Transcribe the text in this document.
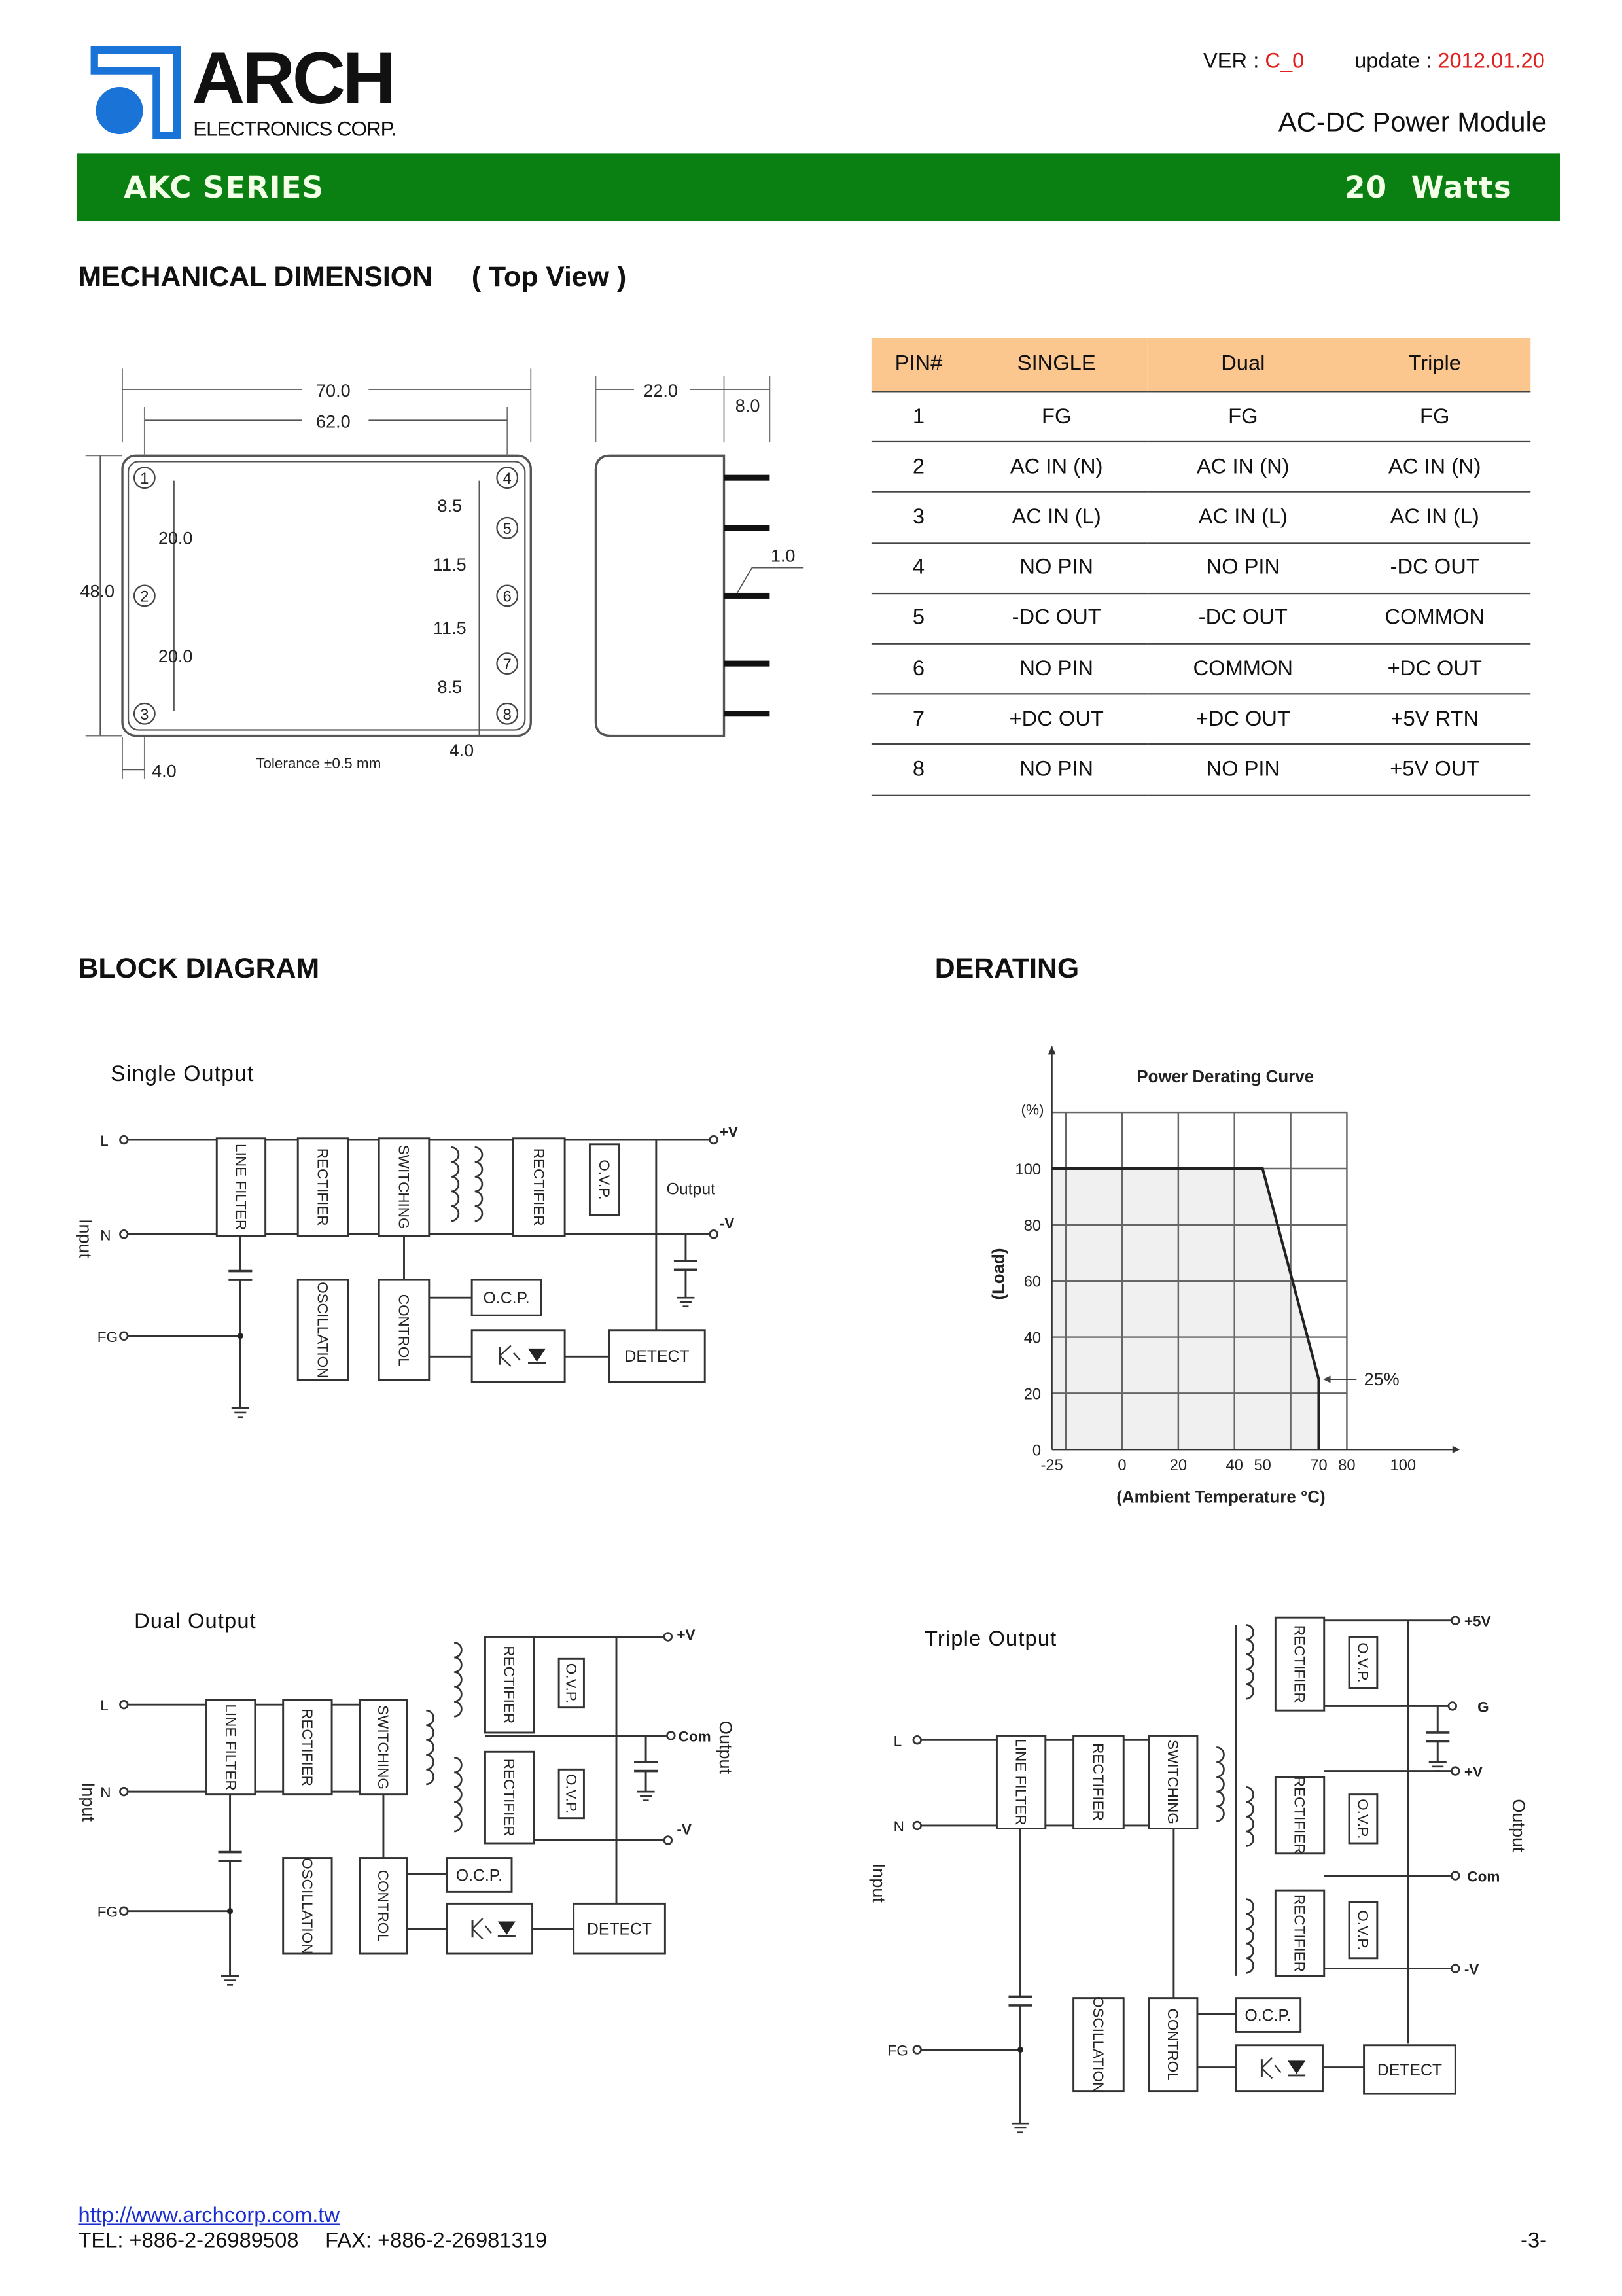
ARCH
ELECTRONICS CORP.
VER : C_0	update : 2012.01.20
AC-DC Power Module
AKC SERIES	20 Watts
MECHANICAL DIMENSION	( Top View )
PIN#	SINGLE	Dual	Triple
1	FG	FG	FG
2	AC IN (N)	AC IN (N)	AC IN (N)
3	AC IN (L)	AC IN (L)	AC IN (L)
4	NO PIN	NO PIN	-DC OUT
5	-DC OUT	-DC OUT	COMMON
6	NO PIN	COMMON	+DC OUT
7	+DC OUT	+DC OUT	+5V RTN
8	NO PIN	NO PIN	+5V OUT
BLOCK DIAGRAM	DERATING
Single Output
Dual Output
Triple Output
1
2
3
4
5
6
7
8
70.0
62.0
48.0
20.0
20.0
8.5
11.5
11.5
8.5
4.0
4.0	Tolerance ±0.5 mm
22.0
8.0
1.0
L
N
FG
Input
+V
-V
Output
LINE FILTER	RECTIFIER	SWITCHING	RECTIFIER	O.V.P.
OSCILLATION	CONTROL	O.C.P.
DETECT
L
N
FG
Input
Output
+V
Com
-V
LINE FILTER	RECTIFIER	SWITCHING
RECTIFIER
RECTIFIER
O.V.P.
O.V.P.
OSCILLATION	CONTROL	O.C.P.
DETECT
L
N
FG
Input
Output
+5V
G
+V
Com
-V
LINE FILTER	RECTIFIER	SWITCHING
RECTIFIER
RECTIFIER
RECTIFIER
O.V.P.
O.V.P.
O.V.P.
OSCILLATION	CONTROL	O.C.P.
DETECT
-25	0	20	40 50	70 80	100
0
20
40
60
80
100
(%)
Power Derating Curve
(Ambient Temperature °C)
(Load)
25%
http://www.archcorp.com.tw
TEL: +886-2-26989508	FAX: +886-2-26981319	-3-
